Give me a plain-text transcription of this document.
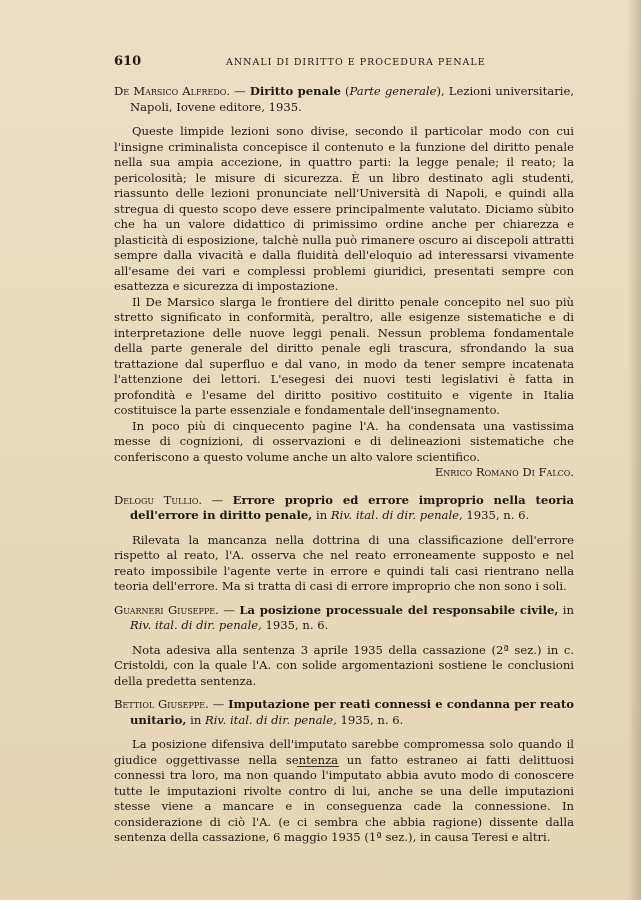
610	ANNALI DI DIRITTO E PROCEDURA PENALE

De Marsico Alfredo. — Diritto penale (Parte generale), Lezioni universitarie, Napoli, Iovene editore, 1935.

Queste limpide lezioni sono divise, secondo il particolar modo con cui l'insigne criminalista concepisce il contenuto e la funzione del diritto penale nella sua ampia accezione, in quattro parti: la legge penale; il reato; la pericolosità; le misure di sicurezza. È un libro destinato agli studenti, riassunto delle lezioni pronunciate nell'Università di Napoli, e quindi alla stregua di questo scopo deve essere principalmente valutato. Diciamo sùbito che ha un valore didattico di primissimo ordine anche per chiarezza e plasticità di esposizione, talchè nulla può rimanere oscuro ai discepoli attratti sempre dalla vivacità e dalla fluidità dell'eloquio ad interessarsi vivamente all'esame dei vari e complessi problemi giuridici, presentati sempre con esattezza e sicurezza di impostazione.

Il De Marsico slarga le frontiere del diritto penale concepito nel suo più stretto significato in conformità, peraltro, alle esigenze sistematiche e di interpretazione delle nuove leggi penali. Nessun problema fondamentale della parte generale del diritto penale egli trascura, sfrondando la sua trattazione dal superfluo e dal vano, in modo da tener sempre incatenata l'attenzione dei lettori. L'esegesi dei nuovi testi legislativi è fatta in profondità e l'esame del diritto positivo costituito e vigente in Italia costituisce la parte essenziale e fondamentale dell'insegnamento.

In poco più di cinquecento pagine l'A. ha condensata una vastissima messe di cognizioni, di osservazioni e di delineazioni sistematiche che conferiscono a questo volume anche un alto valore scientifico.

Enrico Romano Di Falco.

Delogu Tullio. — Errore proprio ed errore improprio nella teoria dell'errore in diritto penale, in Riv. ital. di dir. penale, 1935, n. 6.

Rilevata la mancanza nella dottrina di una classificazione dell'errore rispetto al reato, l'A. osserva che nel reato erroneamente supposto e nel reato impossibile l'agente verte in errore e quindi tali casi rientrano nella teoria dell'errore. Ma si tratta di casi di errore improprio che non sono i soli.

Guarneri Giuseppe. — La posizione processuale del responsabile civile, in Riv. ital. di dir. penale, 1935, n. 6.

Nota adesiva alla sentenza 3 aprile 1935 della cassazione (2ª sez.) in c. Cristoldi, con la quale l'A. con solide argomentazioni sostiene le conclusioni della predetta sentenza.

Bettiol Giuseppe. — Imputazione per reati connessi e condanna per reato unitario, in Riv. ital. di dir. penale, 1935, n. 6.

La posizione difensiva dell'imputato sarebbe compromessa solo quando il giudice oggettivasse nella sentenza un fatto estraneo ai fatti delittuosi connessi tra loro, ma non quando l'imputato abbia avuto modo di conoscere tutte le imputazioni rivolte contro di lui, anche se una delle imputazioni stesse viene a mancare e in conseguenza cade la connessione. In considerazione di ciò l'A. (e ci sembra che abbia ragione) dissente dalla sentenza della cassazione, 6 maggio 1935 (1ª sez.), in causa Teresi e altri.
